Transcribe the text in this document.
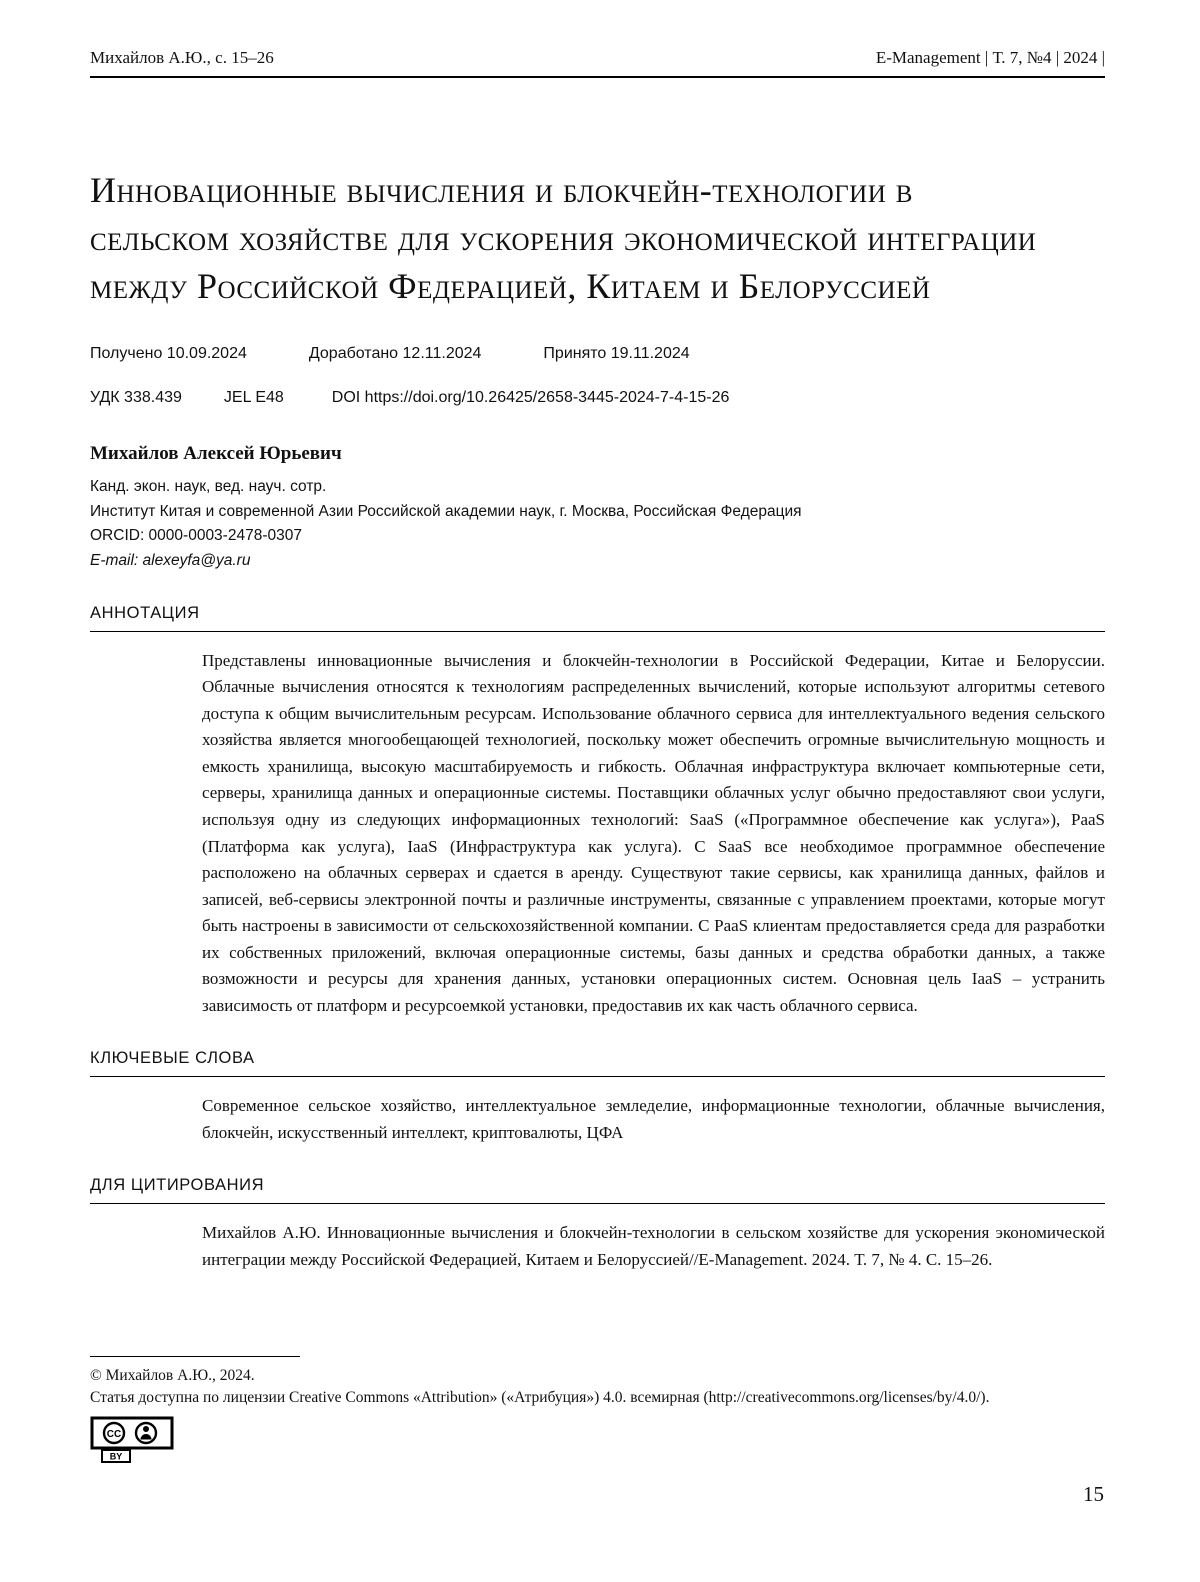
Михайлов А.Ю., с. 15–26	E-Management | Т. 7, №4 | 2024 |
Инновационные вычисления и блокчейн-технологии в сельском хозяйстве для ускорения экономической интеграции между Российской Федерацией, Китаем и Белоруссией
Получено 10.09.2024	Доработано 12.11.2024	Принято 19.11.2024
УДК 338.439	JEL E48	DOI https://doi.org/10.26425/2658-3445-2024-7-4-15-26
Михайлов Алексей Юрьевич
Канд. экон. наук, вед. науч. сотр.
Институт Китая и современной Азии Российской академии наук, г. Москва, Российская Федерация
ORCID: 0000-0003-2478-0307
E-mail: alexeyfa@ya.ru
АННОТАЦИЯ
Представлены инновационные вычисления и блокчейн-технологии в Российской Федерации, Китае и Белоруссии. Облачные вычисления относятся к технологиям распределенных вычислений, которые используют алгоритмы сетевого доступа к общим вычислительным ресурсам. Использование облачного сервиса для интеллектуального ведения сельского хозяйства является многообещающей технологией, поскольку может обеспечить огромные вычислительную мощность и емкость хранилища, высокую масштабируемость и гибкость. Облачная инфраструктура включает компьютерные сети, серверы, хранилища данных и операционные системы. Поставщики облачных услуг обычно предоставляют свои услуги, используя одну из следующих информационных технологий: SaaS («Программное обеспечение как услуга»), PaaS (Платформа как услуга), IaaS (Инфраструктура как услуга). С SaaS все необходимое программное обеспечение расположено на облачных серверах и сдается в аренду. Существуют такие сервисы, как хранилища данных, файлов и записей, веб-сервисы электронной почты и различные инструменты, связанные с управлением проектами, которые могут быть настроены в зависимости от сельскохозяйственной компании. С PaaS клиентам предоставляется среда для разработки их собственных приложений, включая операционные системы, базы данных и средства обработки данных, а также возможности и ресурсы для хранения данных, установки операционных систем. Основная цель IaaS – устранить зависимость от платформ и ресурсоемкой установки, предоставив их как часть облачного сервиса.
КЛЮЧЕВЫЕ СЛОВА
Современное сельское хозяйство, интеллектуальное земледелие, информационные технологии, облачные вычисления, блокчейн, искусственный интеллект, криптовалюты, ЦФА
ДЛЯ ЦИТИРОВАНИЯ
Михайлов А.Ю. Инновационные вычисления и блокчейн-технологии в сельском хозяйстве для ускорения экономической интеграции между Российской Федерацией, Китаем и Белоруссией//E-Management. 2024. Т. 7, № 4. С. 15–26.
© Михайлов А.Ю., 2024.
Статья доступна по лицензии Creative Commons «Attribution» («Атрибуция») 4.0. всемирная (http://creativecommons.org/licenses/by/4.0/).
CC
BY
15
